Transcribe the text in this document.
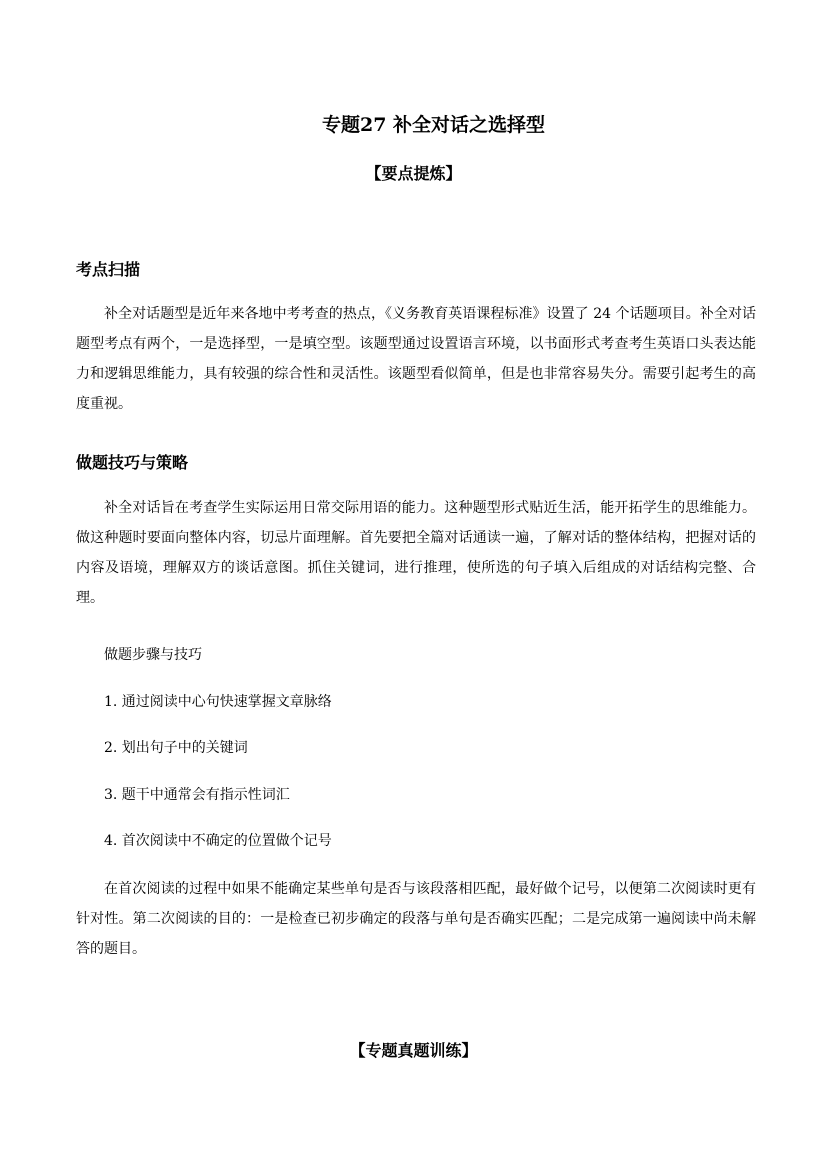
专题27 补全对话之选择型
【要点提炼】
考点扫描

补全对话题型是近年来各地中考考查的热点，《义务教育英语课程标准》设置了 24 个话题项目。补全对话题型考点有两个，一是选择型，一是填空型。该题型通过设置语言环境，以书面形式考查考生英语口头表达能力和逻辑思维能力，具有较强的综合性和灵活性。该题型看似简单，但是也非常容易失分。需要引起考生的高度重视。

做题技巧与策略

补全对话旨在考查学生实际运用日常交际用语的能力。这种题型形式贴近生活，能开拓学生的思维能力。做这种题时要面向整体内容，切忌片面理解。首先要把全篇对话通读一遍，了解对话的整体结构，把握对话的内容及语境，理解双方的谈话意图。抓住关键词，进行推理，使所选的句子填入后组成的对话结构完整、合理。

做题步骤与技巧
1. 通过阅读中心句快速掌握文章脉络
2. 划出句子中的关键词
3. 题干中通常会有指示性词汇
4. 首次阅读中不确定的位置做个记号

在首次阅读的过程中如果不能确定某些单句是否与该段落相匹配，最好做个记号，以便第二次阅读时更有针对性。第二次阅读的目的：一是检查已初步确定的段落与单句是否确实匹配；二是完成第一遍阅读中尚未解答的题目。

【专题真题训练】
